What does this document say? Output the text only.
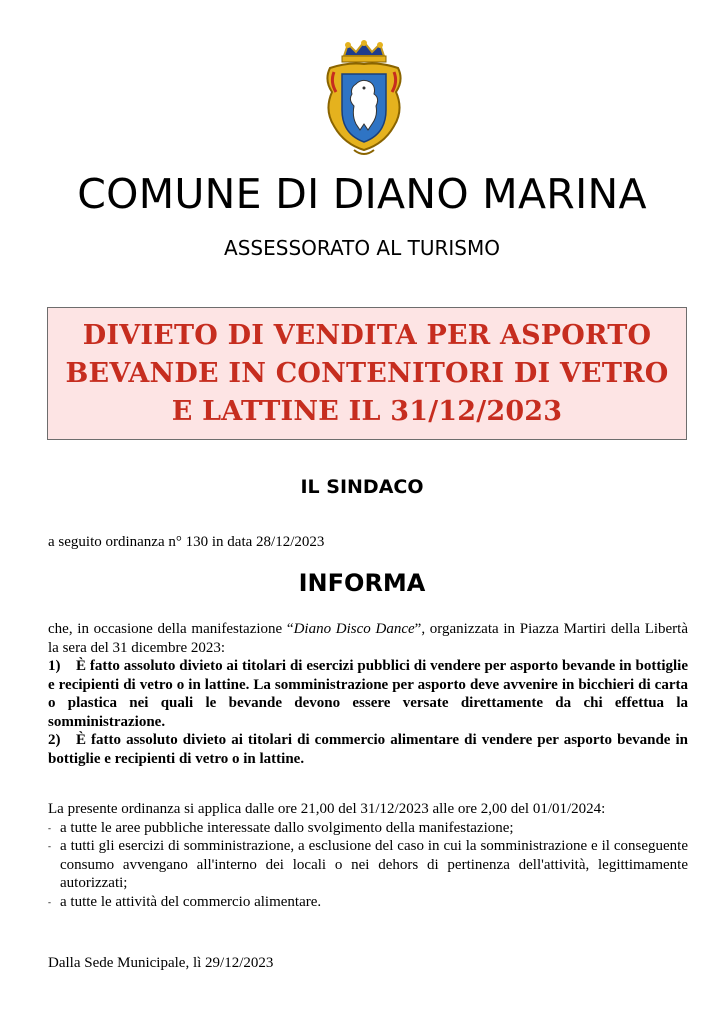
COMUNE DI DIANO MARINA
ASSESSORATO AL TURISMO
DIVIETO DI VENDITA PER ASPORTO
BEVANDE IN CONTENITORI DI VETRO
E LATTINE IL 31/12/2023
IL SINDACO
a seguito ordinanza n° 130 in data 28/12/2023
INFORMA

che, in occasione della manifestazione “Diano Disco Dance”, organizzata in Piazza Martiri della Libertà la sera del 31 dicembre 2023:

1) È fatto assoluto divieto ai titolari di esercizi pubblici di vendere per asporto bevande in bottiglie e recipienti di vetro o in lattine. La somministrazione per asporto deve avvenire in bicchieri di carta o plastica nei quali le bevande devono essere versate direttamente da chi effettua la somministrazione.

2) È fatto assoluto divieto ai titolari di commercio alimentare di vendere per asporto bevande in bottiglie e recipienti di vetro o in lattine.

La presente ordinanza si applica dalle ore 21,00 del 31/12/2023 alle ore 2,00 del 01/01/2024:

- a tutte le aree pubbliche interessate dallo svolgimento della manifestazione;
- a tutti gli esercizi di somministrazione, a esclusione del caso in cui la somministrazione e il conseguente consumo avvengano all'interno dei locali o nei dehors di pertinenza dell'attività, legittimamente autorizzati;
- a tutte le attività del commercio alimentare.
Dalla Sede Municipale, lì 29/12/2023
